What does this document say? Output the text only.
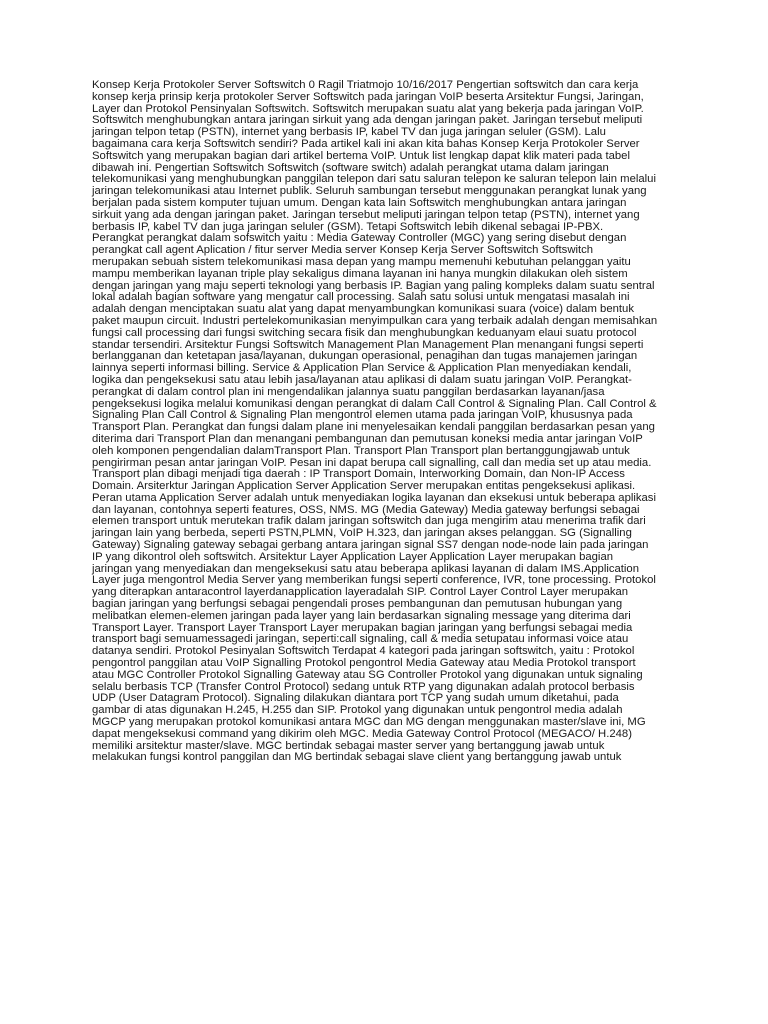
Konsep Kerja Protokoler Server Softswitch 0 Ragil Triatmojo 10/16/2017 Pengertian softswitch dan cara kerja
konsep kerja prinsip kerja protokoler Server Softswitch pada jaringan VoIP beserta Arsitektur Fungsi, Jaringan,
Layer dan Protokol Pensinyalan Softswitch. Softswitch merupakan suatu alat yang bekerja pada jaringan VoIP.
Softswitch menghubungkan antara jaringan sirkuit yang ada dengan jaringan paket. Jaringan tersebut meliputi
jaringan telpon tetap (PSTN), internet yang berbasis IP, kabel TV dan juga jaringan seluler (GSM). Lalu
bagaimana cara kerja Softswitch sendiri? Pada artikel kali ini akan kita bahas Konsep Kerja Protokoler Server
Softswitch yang merupakan bagian dari artikel bertema VoIP. Untuk list lengkap dapat klik materi pada tabel
dibawah ini. Pengertian Softswitch Softswitch (software switch) adalah perangkat utama dalam jaringan
telekomunikasi yang menghubungkan panggilan telepon dari satu saluran telepon ke saluran telepon lain melalui
jaringan telekomunikasi atau Internet publik. Seluruh sambungan tersebut menggunakan perangkat lunak yang
berjalan pada sistem komputer tujuan umum. Dengan kata lain Softswitch menghubungkan antara jaringan
sirkuit yang ada dengan jaringan paket. Jaringan tersebut meliputi jaringan telpon tetap (PSTN), internet yang
berbasis IP, kabel TV dan juga jaringan seluler (GSM). Tetapi Softswitch lebih dikenal sebagai IP-PBX.
Perangkat perangkat dalam sofswitch yaitu : Media Gateway Controller (MGC) yang sering disebut dengan
perangkat call agent Aplication / fitur server Media server Konsep Kerja Server Softswitch Softswitch
merupakan sebuah sistem telekomunikasi masa depan yang mampu memenuhi kebutuhan pelanggan yaitu
mampu memberikan layanan triple play sekaligus dimana layanan ini hanya mungkin dilakukan oleh sistem
dengan jaringan yang maju seperti teknologi yang berbasis IP. Bagian yang paling kompleks dalam suatu sentral
lokal adalah bagian software yang mengatur call processing. Salah satu solusi untuk mengatasi masalah ini
adalah dengan menciptakan suatu alat yang dapat menyambungkan komunikasi suara (voice) dalam bentuk
paket maupun circuit. Industri pertelekomunikasian menyimpulkan cara yang terbaik adalah dengan memisahkan
fungsi call processing dari fungsi switching secara fisik dan menghubungkan keduanyam elaui suatu protocol
standar tersendiri. Arsitektur Fungsi Softswitch Management Plan Management Plan menangani fungsi seperti
berlangganan dan ketetapan jasa/layanan, dukungan operasional, penagihan dan tugas manajemen jaringan
lainnya seperti informasi billing. Service & Application Plan Service & Application Plan menyediakan kendali,
logika dan pengeksekusi satu atau lebih jasa/layanan atau aplikasi di dalam suatu jaringan VoIP. Perangkat-
perangkat di dalam control plan ini mengendalikan jalannya suatu panggilan berdasarkan layanan/jasa
pengeksekusi logika melalui komunikasi dengan perangkat di dalam Call Control & Signaling Plan. Call Control &
Signaling Plan Call Control & Signaling Plan mengontrol elemen utama pada jaringan VoIP, khususnya pada
Transport Plan. Perangkat dan fungsi dalam plane ini menyelesaikan kendali panggilan berdasarkan pesan yang
diterima dari Transport Plan dan menangani pembangunan dan pemutusan koneksi media antar jaringan VoIP
oleh komponen pengendalian dalamTransport Plan. Transport Plan Transport plan bertanggungjawab untuk
pengirirman pesan antar jaringan VoIP. Pesan ini dapat berupa call signalling, call dan media set up atau media.
Transport plan dibagi menjadi tiga daerah : IP Transport Domain, Interworking Domain, dan Non-IP Access
Domain. Arsiterktur Jaringan Application Server Application Server merupakan entitas pengeksekusi aplikasi.
Peran utama Application Server adalah untuk menyediakan logika layanan dan eksekusi untuk beberapa aplikasi
dan layanan, contohnya seperti features, OSS, NMS. MG (Media Gateway) Media gateway berfungsi sebagai
elemen transport untuk merutekan trafik dalam jaringan softswitch dan juga mengirim atau menerima trafik dari
jaringan lain yang berbeda, seperti PSTN,PLMN, VoIP H.323, dan jaringan akses pelanggan. SG (Signalling
Gateway) Signaling gateway sebagai gerbang antara jaringan signal SS7 dengan node-node lain pada jaringan
IP yang dikontrol oleh softswitch. Arsitektur Layer Application Layer Application Layer merupakan bagian
jaringan yang menyediakan dan mengeksekusi satu atau beberapa aplikasi layanan di dalam IMS.Application
Layer juga mengontrol Media Server yang memberikan fungsi seperti conference, IVR, tone processing. Protokol
yang diterapkan antaracontrol layerdanapplication layeradalah SIP. Control Layer Control Layer merupakan
bagian jaringan yang berfungsi sebagai pengendali proses pembangunan dan pemutusan hubungan yang
melibatkan elemen-elemen jaringan pada layer yang lain berdasarkan signaling message yang diterima dari
Transport Layer. Transport Layer Transport Layer merupakan bagian jaringan yang berfungsi sebagai media
transport bagi semuamessagedi jaringan, seperti:call signaling, call & media setupatau informasi voice atau
datanya sendiri. Protokol Pesinyalan Softswitch Terdapat 4 kategori pada jaringan softswitch, yaitu : Protokol
pengontrol panggilan atau VoIP Signalling Protokol pengontrol Media Gateway atau Media Protokol transport
atau MGC Controller Protokol Signalling Gateway atau SG Controller Protokol yang digunakan untuk signaling
selalu berbasis TCP (Transfer Control Protocol) sedang untuk RTP yang digunakan adalah protocol berbasis
UDP (User Datagram Protocol). Signaling dilakukan diantara port TCP yang sudah umum diketahui, pada
gambar di atas digunakan H.245, H.255 dan SIP. Protokol yang digunakan untuk pengontrol media adalah
MGCP yang merupakan protokol komunikasi antara MGC dan MG dengan menggunakan master/slave ini, MG
dapat mengeksekusi command yang dikirim oleh MGC. Media Gateway Control Protocol (MEGACO/ H.248)
memiliki arsitektur master/slave. MGC bertindak sebagai master server yang bertanggung jawab untuk
melakukan fungsi kontrol panggilan dan MG bertindak sebagai slave client yang bertanggung jawab untuk
